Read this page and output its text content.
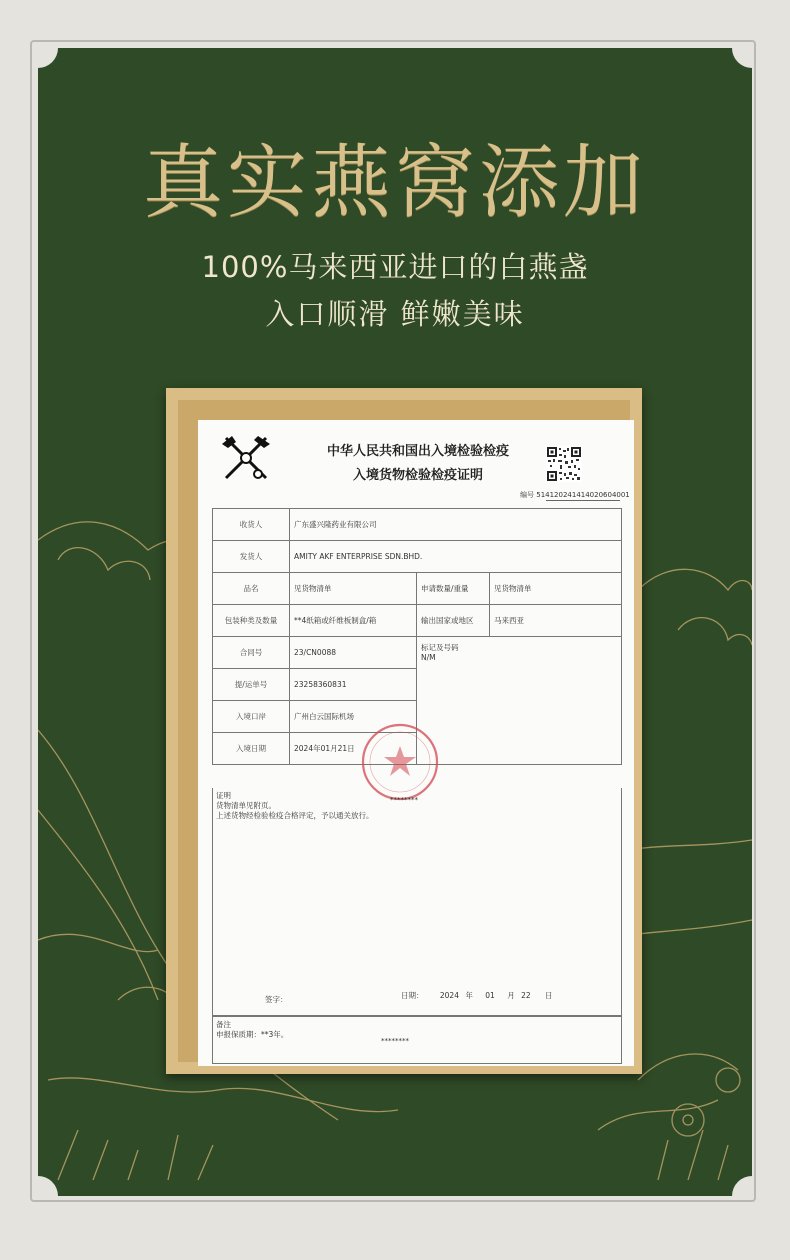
真实燕窝添加
100%马来西亚进口的白燕盏
入口顺滑 鲜嫩美味
中华人民共和国出入境检验检疫
入境货物检验检疫证明
编号 514120241414020604001
收货人	广东盛兴隆药业有限公司		
发货人	AMITY AKF ENTERPRISE SDN.BHD.		
品名	见货物清单	申请数量/重量	见货物清单
包装种类及数量	**4纸箱或纤维板制盒/箱	输出国家或地区	马来西亚
合同号	23/CN0088	标记及号码
N/M	

提/运单号	23258360831		
入境口岸	广州白云国际机场		
入境日期	2024年01月21日		

证明

货物清单见附页。

上述货物经检验检疫合格评定，予以通关放行。

签字：	日期： 2024 年 01 月 22 日

备注

申报保质期：**3年。

********
********
